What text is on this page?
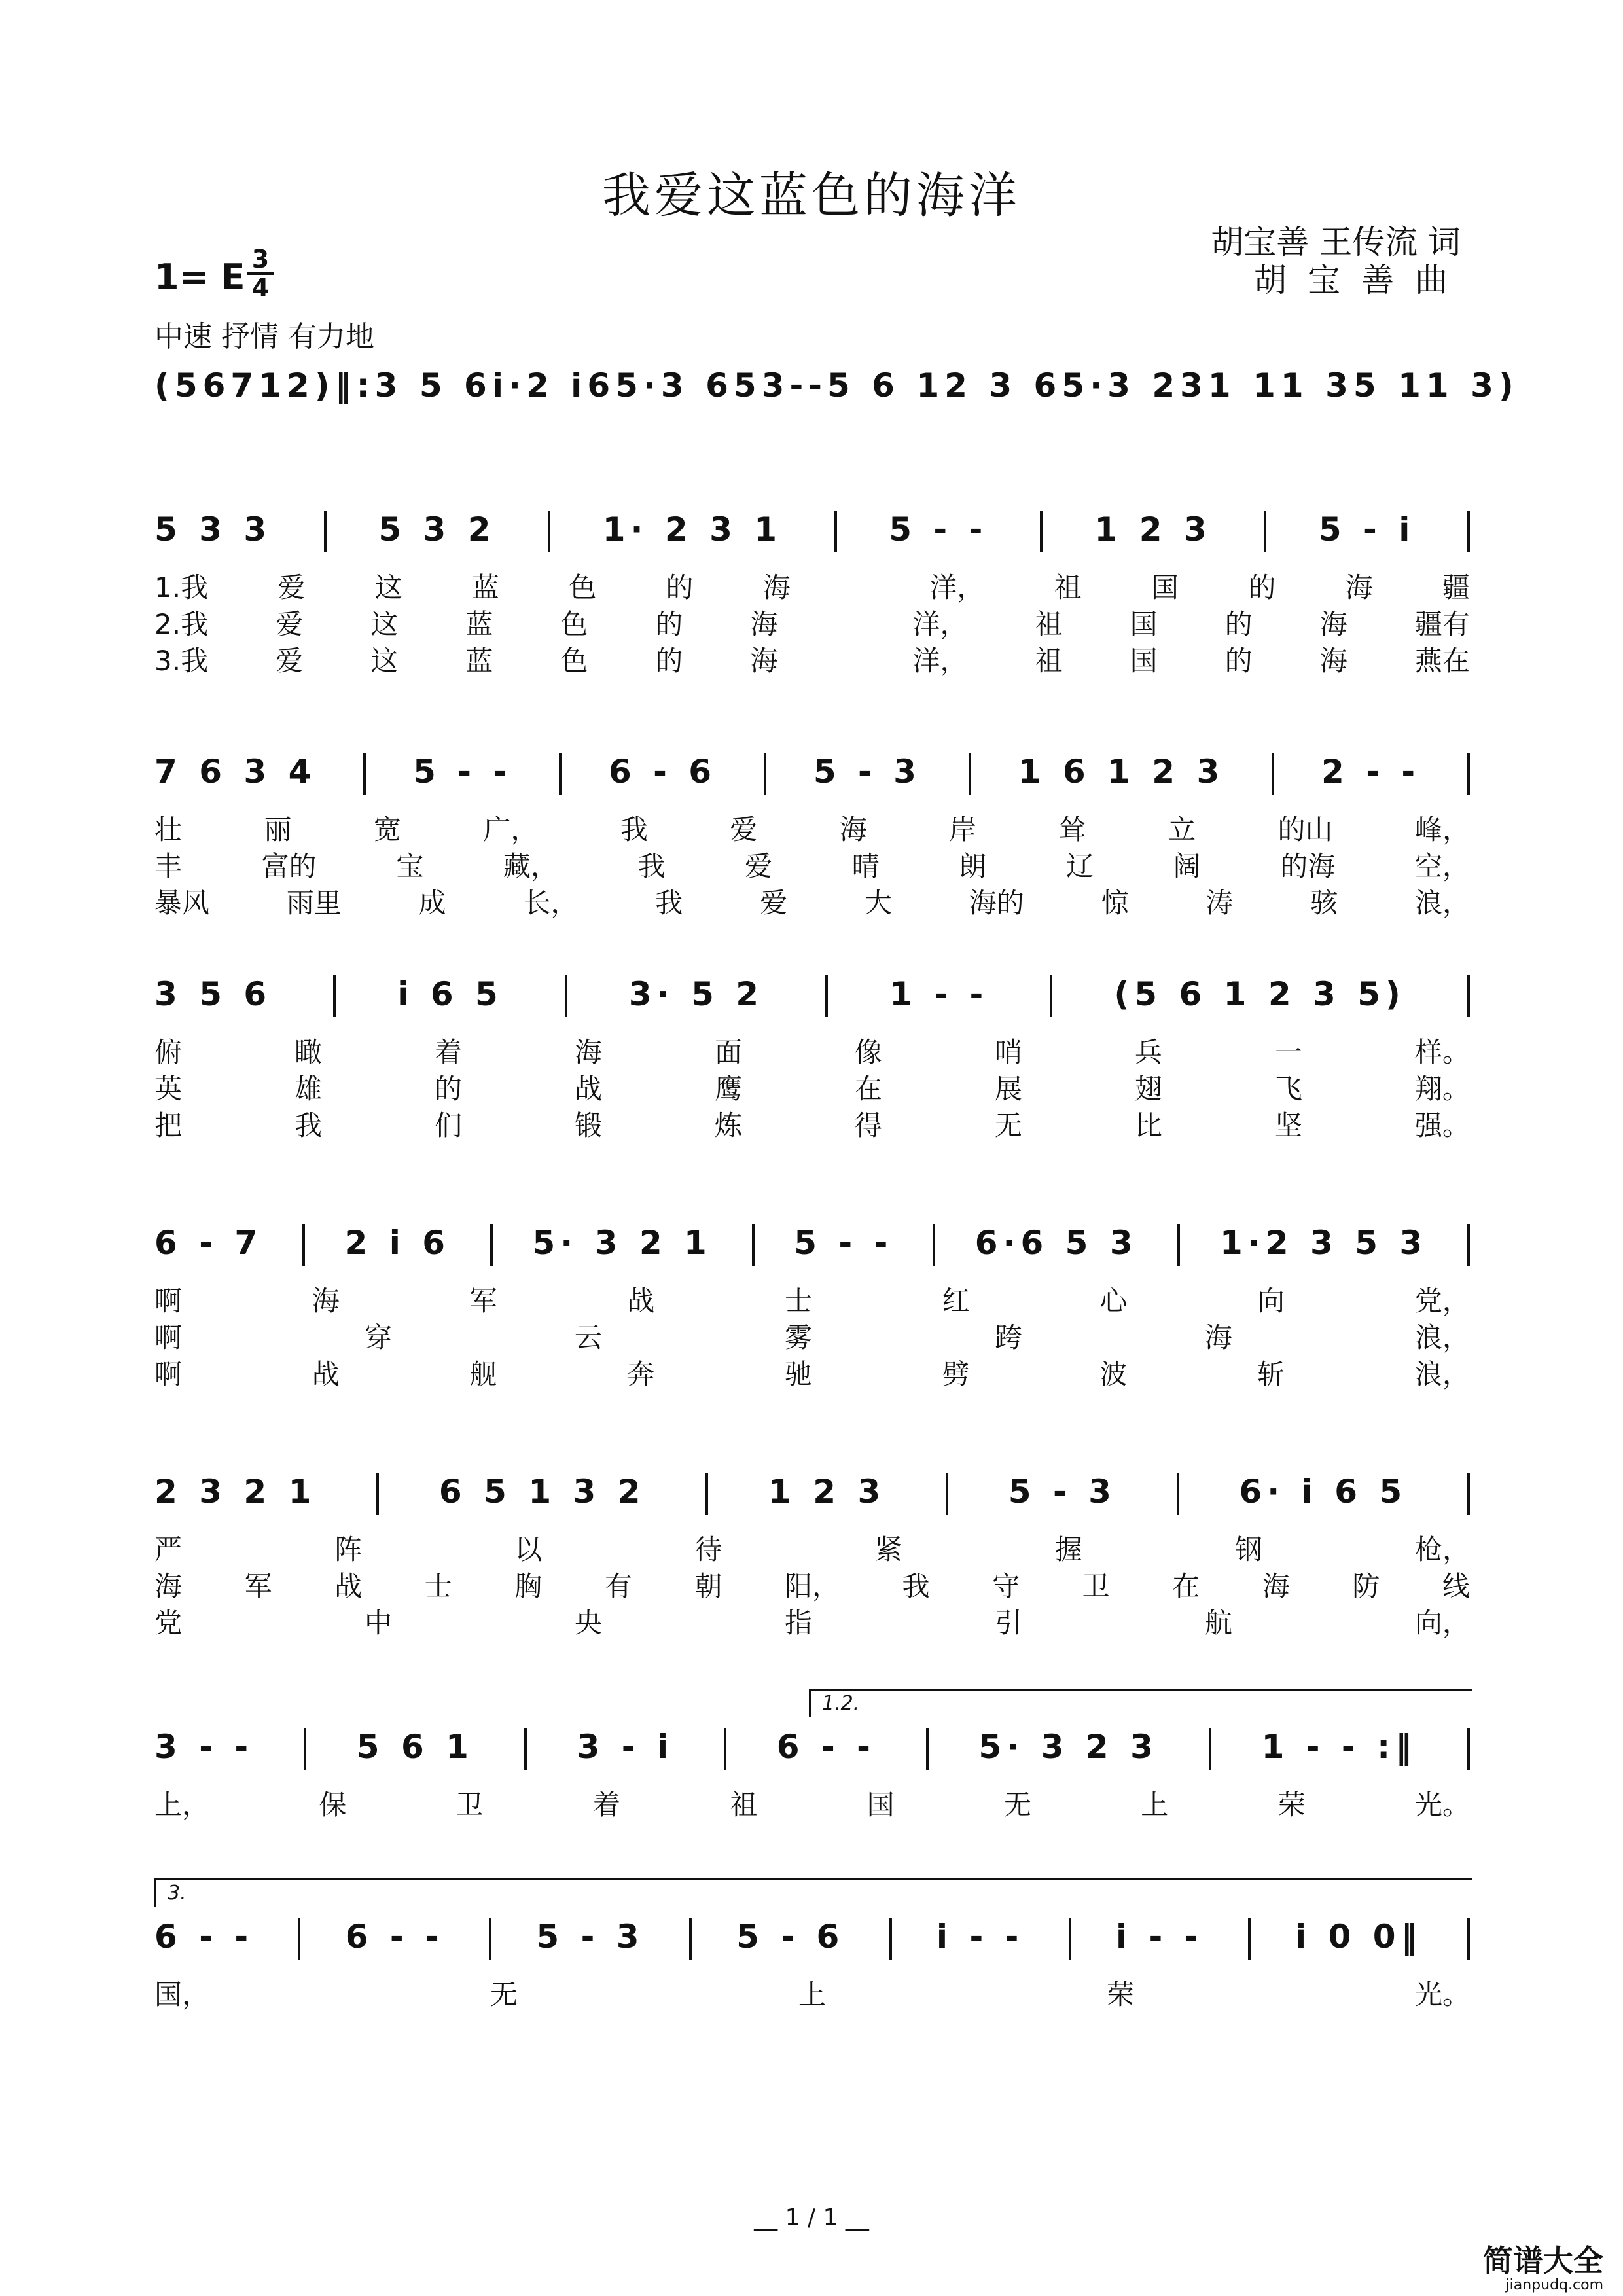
我爱这蓝色的海洋
胡宝善 王传流 词
胡宝善曲
1= E 3
4
中速 抒情 有力地
(56712) ‖:3 5 6 i·2 i6 5·3 65 3-- 5 6 1 2 3 6 5·3 23 1 11 3 5 11 3)
5 3 3	5 3 2	1· 2 3 1	5 - -	1 2 3	5 - i
1.我	爱	这	蓝	色	的	海	洋，	祖	国	的	海	疆
2.我 爱 这 蓝 色 的 海	洋， 祖 国 的 海 疆有
3.我 爱 这 蓝 色 的 海	洋， 祖 国 的 海 燕在
7 6 3 4	5 - -	6 - 6	5 - 3	1 6 1 2 3	2 - -
壮	丽	宽	广，	我	爱	海	岸	耸	立	的山	峰，
丰	富的	宝	藏，	我	爱	晴	朗	辽	阔	的海	空，
暴风	雨里	成	长，	我	爱	大	海的	惊	涛	骇	浪，
3 5 6	i 6 5	3· 5 2	1 - -	(5 6 1 2 3 5)
俯	瞰	着	海	面	像	哨	兵	一	样。
英	雄	的	战	鹰	在	展	翅	飞	翔。
把	我	们	锻	炼	得	无	比	坚	强。
6 - 7	2 i 6	5· 3 2 1	5 - -	6·6 5 3	1·2 3 5 3
啊	海	军	战	士	红	心	向	党，
啊	穿	云	雾	跨	海	浪，
啊	战	舰	奔	驰	劈	波	斩	浪，
2 3 2 1	6 5 1 3 2	1 2 3	5 - 3	6· i 6 5
严	阵	以	待	紧	握	钢	枪，
海 军 战 士 胸 有 朝 阳， 我 守 卫 在 海 防 线
党	中	央	指	引	航	向，
1.2.
3 - -	5 6 1	3 - i	6 - -	5· 3 2 3	1 - - :‖
上，	保	卫	着	祖	国	无	上	荣	光。
3.
6 - -	6 - -	5 - 3	5 - 6	i - -	i - -	i 0 0‖
国，	无	上	荣	光。
__ 1 / 1 __
简谱大全
jianpudq.com
